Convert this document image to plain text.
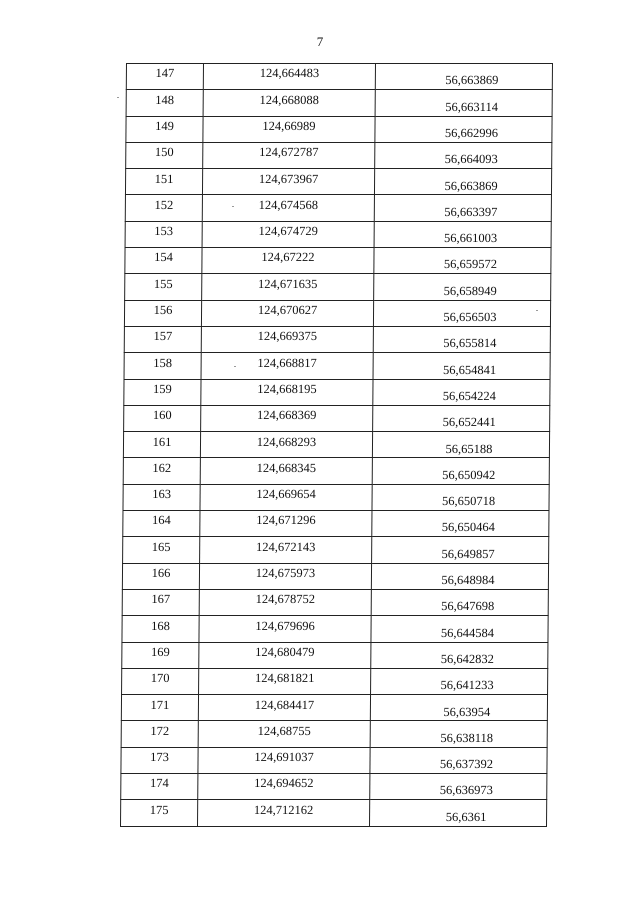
7
147	124,664483	56,663869
148	124,668088	56,663114
149	124,66989	56,662996
150	124,672787	56,664093
151	124,673967	56,663869
152	124,674568	56,663397
153	124,674729	56,661003
154	124,67222	56,659572
155	124,671635	56,658949
156	124,670627	56,656503
157	124,669375	56,655814
158	124,668817	56,654841
159	124,668195	56,654224
160	124,668369	56,652441
161	124,668293	56,65188
162	124,668345	56,650942
163	124,669654	56,650718
164	124,671296	56,650464
165	124,672143	56,649857
166	124,675973	56,648984
167	124,678752	56,647698
168	124,679696	56,644584
169	124,680479	56,642832
170	124,681821	56,641233
171	124,684417	56,63954
172	124,68755	56,638118
173	124,691037	56,637392
174	124,694652	56,636973
175	124,712162	56,6361
